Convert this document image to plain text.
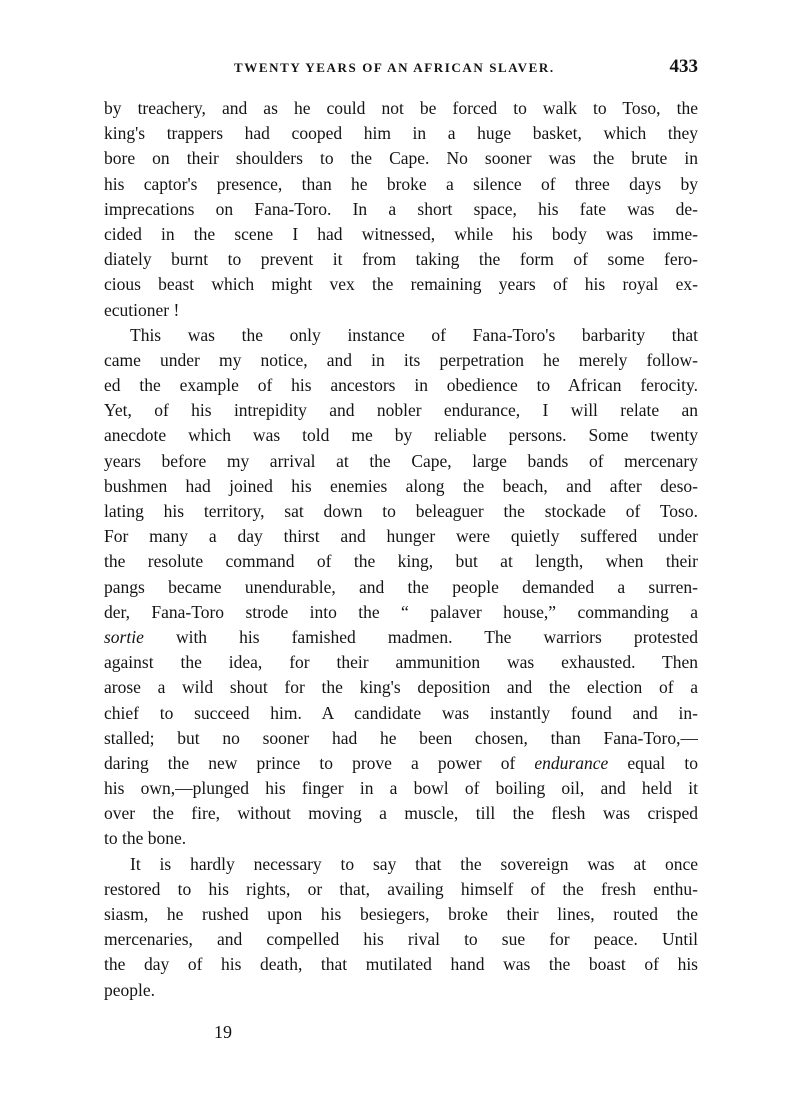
TWENTY YEARS OF AN AFRICAN SLAVER.	433
by treachery, and as he could not be forced to walk to Toso, the
king's trappers had cooped him in a huge basket, which they
bore on their shoulders to the Cape. No sooner was the brute in
his captor's presence, than he broke a silence of three days by
imprecations on Fana-Toro. In a short space, his fate was de-
cided in the scene I had witnessed, while his body was imme-
diately burnt to prevent it from taking the form of some fero-
cious beast which might vex the remaining years of his royal ex-
ecutioner !
This was the only instance of Fana-Toro's barbarity that
came under my notice, and in its perpetration he merely follow-
ed the example of his ancestors in obedience to African ferocity.
Yet, of his intrepidity and nobler endurance, I will relate an
anecdote which was told me by reliable persons. Some twenty
years before my arrival at the Cape, large bands of mercenary
bushmen had joined his enemies along the beach, and after deso-
lating his territory, sat down to beleaguer the stockade of Toso.
For many a day thirst and hunger were quietly suffered under
the resolute command of the king, but at length, when their
pangs became unendurable, and the people demanded a surren-
der, Fana-Toro strode into the “ palaver house,” commanding a
sortie with his famished madmen. The warriors protested
against the idea, for their ammunition was exhausted. Then
arose a wild shout for the king's deposition and the election of a
chief to succeed him. A candidate was instantly found and in-
stalled; but no sooner had he been chosen, than Fana-Toro,—
daring the new prince to prove a power of endurance equal to
his own,—plunged his finger in a bowl of boiling oil, and held it
over the fire, without moving a muscle, till the flesh was crisped
to the bone.
It is hardly necessary to say that the sovereign was at once
restored to his rights, or that, availing himself of the fresh enthu-
siasm, he rushed upon his besiegers, broke their lines, routed the
mercenaries, and compelled his rival to sue for peace. Until
the day of his death, that mutilated hand was the boast of his
people.
19
